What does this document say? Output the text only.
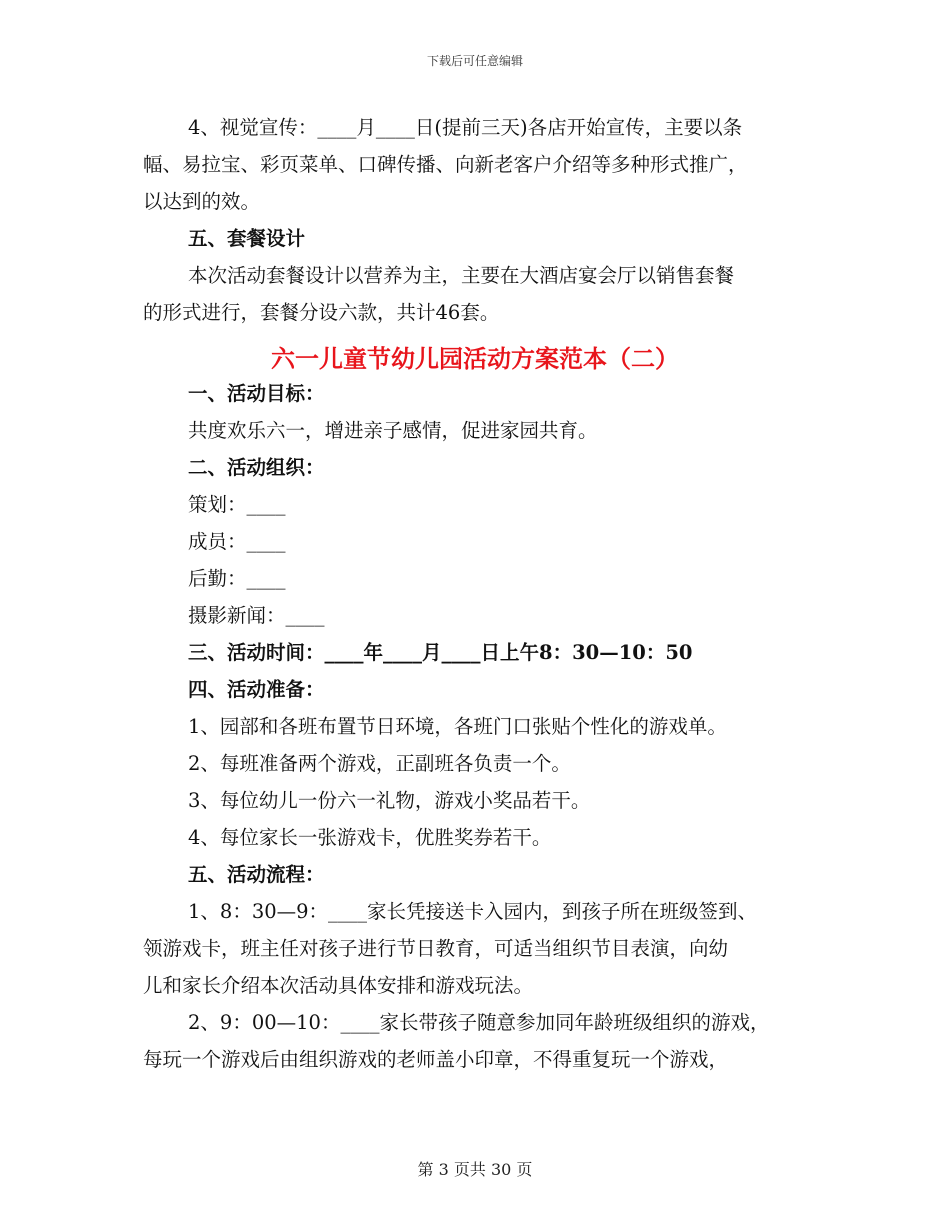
下载后可任意编辑
4、视觉宣传：____月____日(提前三天)各店开始宣传，主要以条
幅、易拉宝、彩页菜单、口碑传播、向新老客户介绍等多种形式推广，
以达到的效。
五、套餐设计
本次活动套餐设计以营养为主，主要在大酒店宴会厅以销售套餐
的形式进行，套餐分设六款，共计46套。
六一儿童节幼儿园活动方案范本（二）
一、活动目标：
共度欢乐六一，增进亲子感情，促进家园共育。
二、活动组织：
策划：____
成员：____
后勤：____
摄影新闻：____
三、活动时间：____年____月____日上午8：30—10：50
四、活动准备：
1、园部和各班布置节日环境，各班门口张贴个性化的游戏单。
2、每班准备两个游戏，正副班各负责一个。
3、每位幼儿一份六一礼物，游戏小奖品若干。
4、每位家长一张游戏卡，优胜奖券若干。
五、活动流程：
1、8：30—9：____家长凭接送卡入园内，到孩子所在班级签到、
领游戏卡，班主任对孩子进行节日教育，可适当组织节目表演，向幼
儿和家长介绍本次活动具体安排和游戏玩法。
2、9：00—10：____家长带孩子随意参加同年龄班级组织的游戏，
每玩一个游戏后由组织游戏的老师盖小印章，不得重复玩一个游戏，
第 3 页共 30 页
